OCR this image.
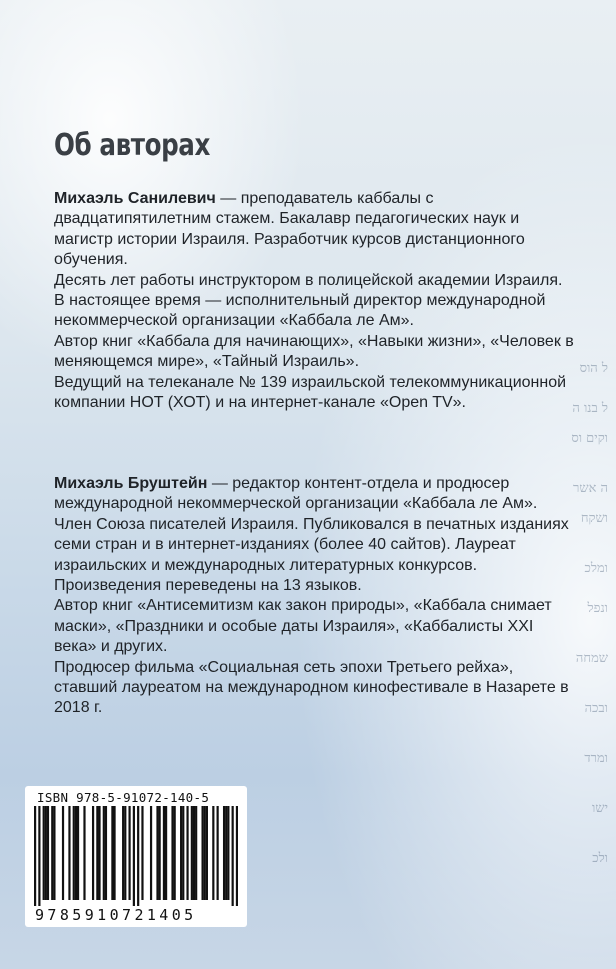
ל הוס
ל בנו ה
וקים וס
ה אשר
ושקח
ומלכ
ונפל
שמחה
ובכה
ומרד
ישו
ולכ
Об авторах

Михаэль Санилевич — преподаватель каббалы с двадцатипятилетним стажем. Бакалавр педагогических наук и магистр истории Израиля. Разработчик курсов дистанционного обучения.

Десять лет работы инструктором в полицейской академии Израиля. В настоящее время — исполнительный директор международной некоммерческой организации «Каббала ле Ам».

Автор книг «Каббала для начинающих», «Навыки жизни», «Человек в меняющемся мире», «Тайный Израиль».

Ведущий на телеканале № 139 израильской телекоммуникационной компании HOT (ХОТ) и на интернет-канале «Open TV».

Михаэль Бруштейн — редактор контент-отдела и продюсер международной некоммерческой организации «Каббала ле Ам».

Член Союза писателей Израиля. Публиковался в печатных изданиях семи стран и в интернет-изданиях (более 40 сайтов). Лауреат израильских и международных литературных конкурсов. Произведения переведены на 13 языков.

Автор книг «Антисемитизм как закон природы», «Каббала снимает маски», «Праздники и особые даты Израиля», «Каббалисты XXI века» и других.

Продюсер фильма «Социальная сеть эпохи Третьего рейха», ставший лауреатом на международном кинофестивале в Назарете в 2018 г.

ISBN 978-5-91072-140-5
9785910721405
